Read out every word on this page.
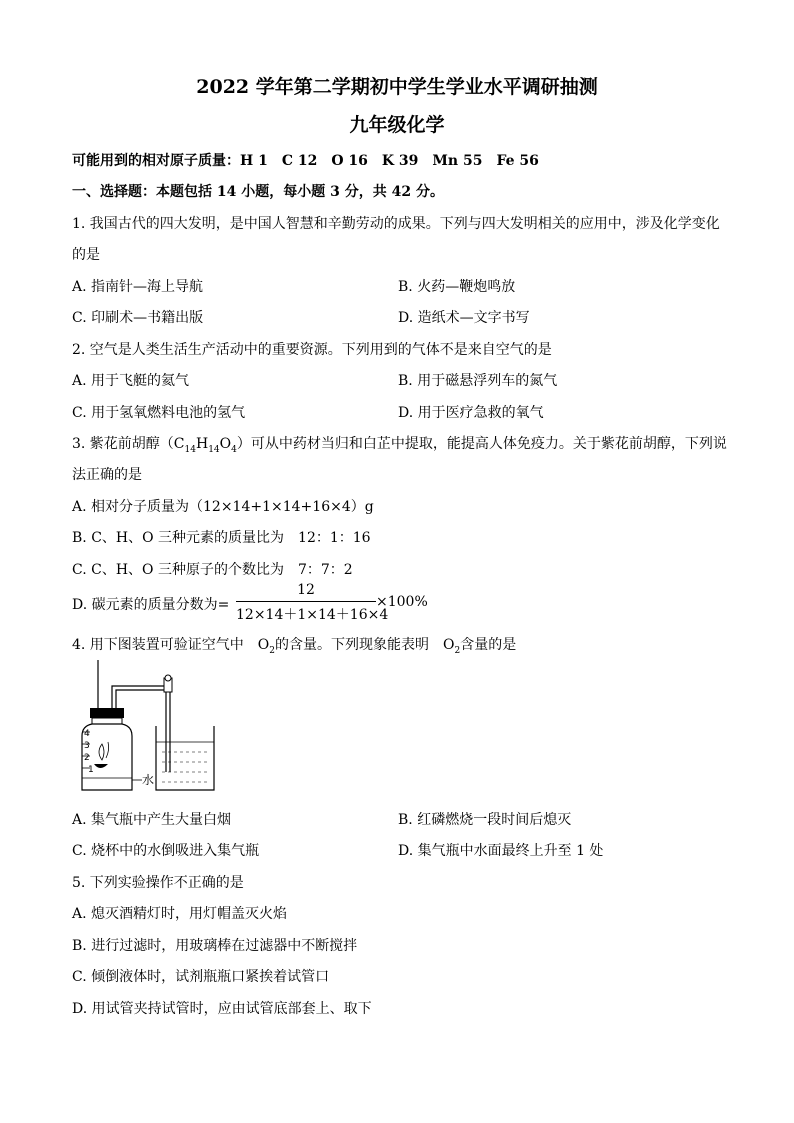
2022 学年第二学期初中学生学业水平调研抽测
九年级化学
可能用到的相对原子质量：H 1　C 12　O 16　K 39　Mn 55　Fe 56
一、选择题：本题包括 14 小题，每小题 3 分，共 42 分。
1. 我国古代的四大发明，是中国人智慧和辛勤劳动的成果。下列与四大发明相关的应用中，涉及化学变化
的是
A. 指南针—海上导航	B. 火药—鞭炮鸣放
C. 印刷术—书籍出版	D. 造纸术—文字书写
2. 空气是人类生活生产活动中的重要资源。下列用到的气体不是来自空气的是
A. 用于飞艇的氦气	B. 用于磁悬浮列车的氮气
C. 用于氢氧燃料电池的氢气	D. 用于医疗急救的氧气
3. 紫花前胡醇$(C_{14}H_{14}O_4)$可从中药材当归和白芷中提取，能提高人体免疫力。关于紫花前胡醇，下列说
法正确的是
A. 相对分子质量为（12×14+1×14+16×4）g
B. C、H、O 三种元素的质量比为　12：1：16
C. C、H、O 三种原子的个数比为　7：7：2
D. 碳元素的质量分数为=
12
12×14＋1×14＋16×4
×100%
4. 用下图装置可验证空气中　$O_2$的含量。下列现象能表明　$O_2$含量的是
4
3
2
1
水
A. 集气瓶中产生大量白烟	B. 红磷燃烧一段时间后熄灭
C. 烧杯中的水倒吸进入集气瓶	D. 集气瓶中水面最终上升至 1 处
5. 下列实验操作不正确的是
A. 熄灭酒精灯时，用灯帽盖灭火焰
B. 进行过滤时，用玻璃棒在过滤器中不断搅拌
C. 倾倒液体时，试剂瓶瓶口紧挨着试管口
D. 用试管夹持试管时，应由试管底部套上、取下
